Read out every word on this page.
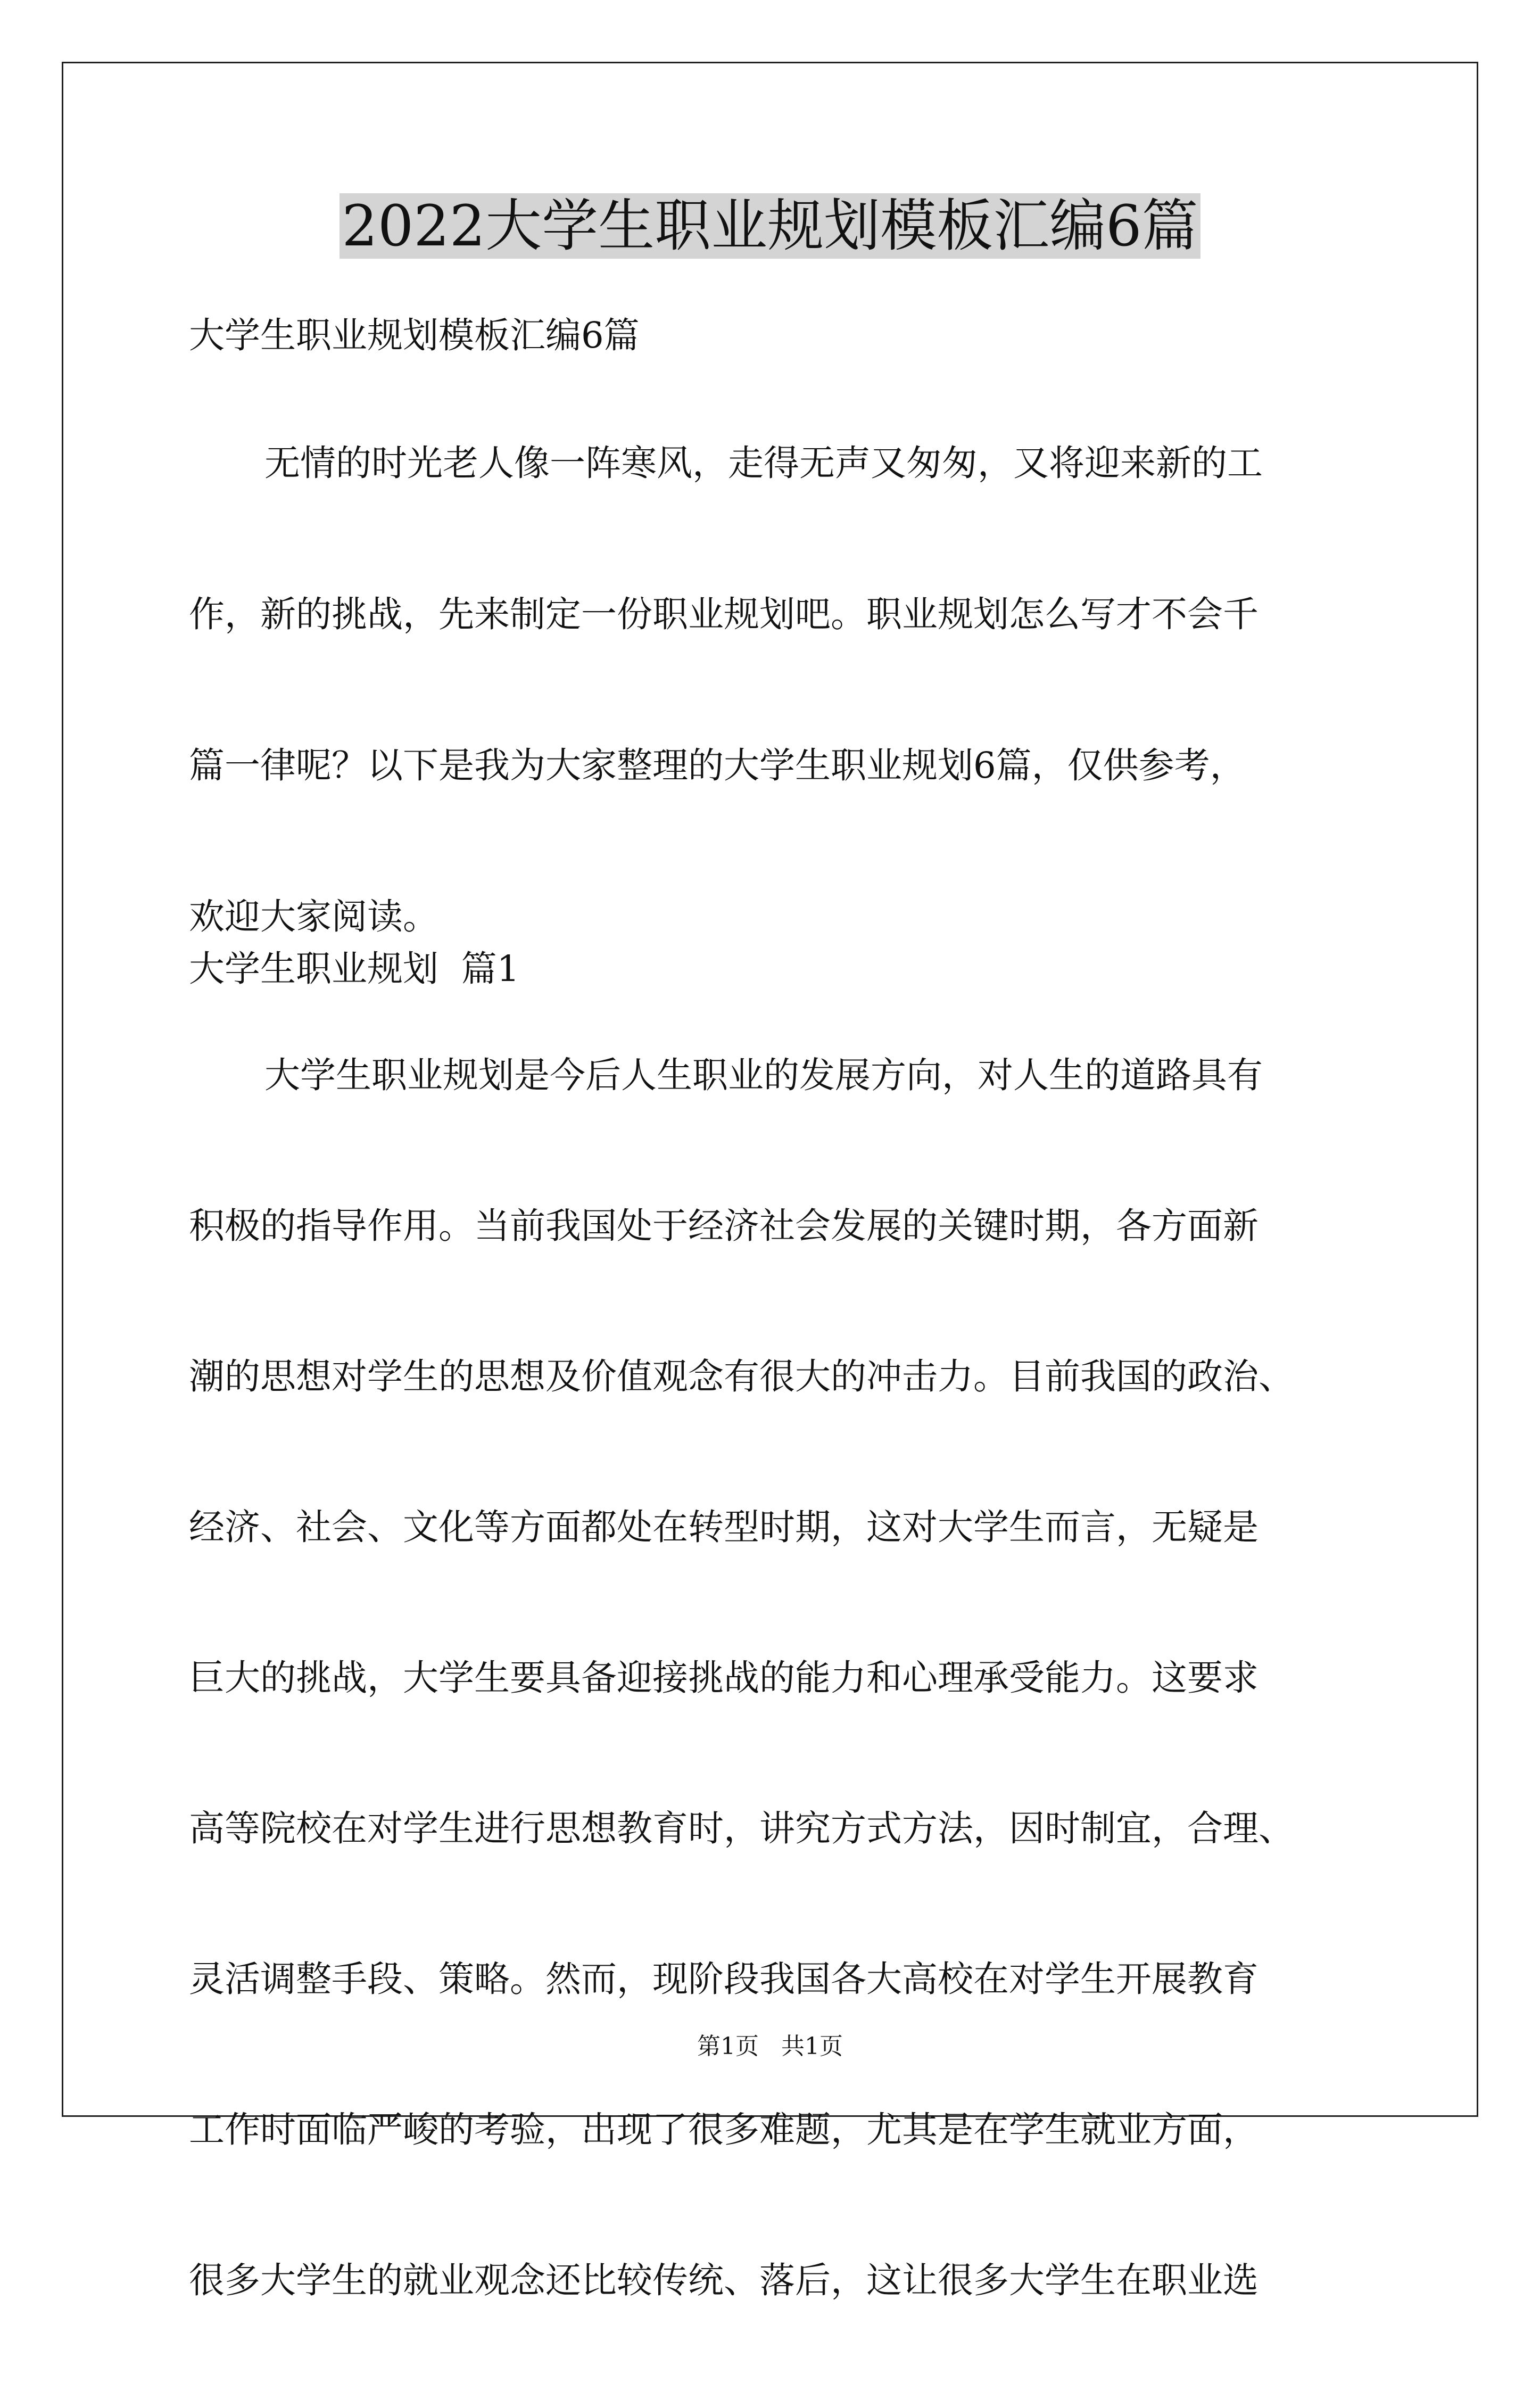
2022大学生职业规划模板汇编6篇
大学生职业规划模板汇编6篇
无情的时光老人像一阵寒风，走得无声又匆匆，又将迎来新的工
作，新的挑战，先来制定一份职业规划吧。职业规划怎么写才不会千
篇一律呢？以下是我为大家整理的大学生职业规划6篇，仅供参考，
欢迎大家阅读。
大学生职业规划  篇1
大学生职业规划是今后人生职业的发展方向，对人生的道路具有
积极的指导作用。当前我国处于经济社会发展的关键时期，各方面新
潮的思想对学生的思想及价值观念有很大的冲击力。目前我国的政治、
经济、社会、文化等方面都处在转型时期，这对大学生而言，无疑是
巨大的挑战，大学生要具备迎接挑战的能力和心理承受能力。这要求
高等院校在对学生进行思想教育时，讲究方式方法，因时制宜，合理、
灵活调整手段、策略。然而，现阶段我国各大高校在对学生开展教育
工作时面临严峻的考验，出现了很多难题，尤其是在学生就业方面，
很多大学生的就业观念还比较传统、落后，这让很多大学生在职业选
第1页   共1页
